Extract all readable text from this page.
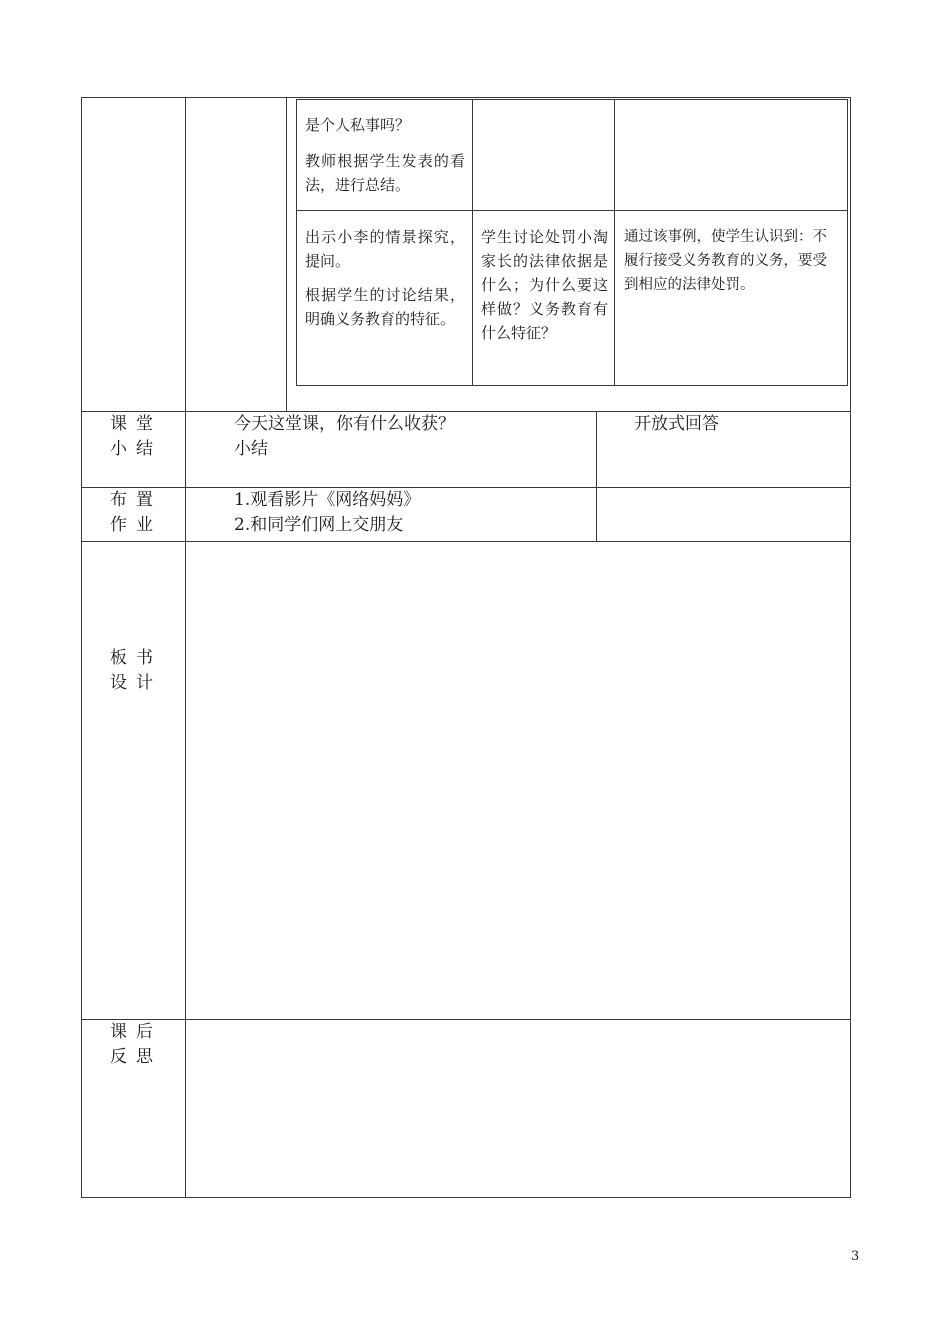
是个人私事吗？

教师根据学生发表的看法，进行总结。

出示小李的情景探究，提问。

根据学生的讨论结果，明确义务教育的特征。

学生讨论处罚小淘家长的法律依据是什么；为什么要这样做？义务教育有什么特征？
通过该事例，使学生认识到：不履行接受义务教育的义务，要受到相应的法律处罚。
课堂
小结
今天这堂课，你有什么收获？
小结
开放式回答
布置
作业
1.观看影片《网络妈妈》
2.和同学们网上交朋友
板书
设计
课后
反思
3
